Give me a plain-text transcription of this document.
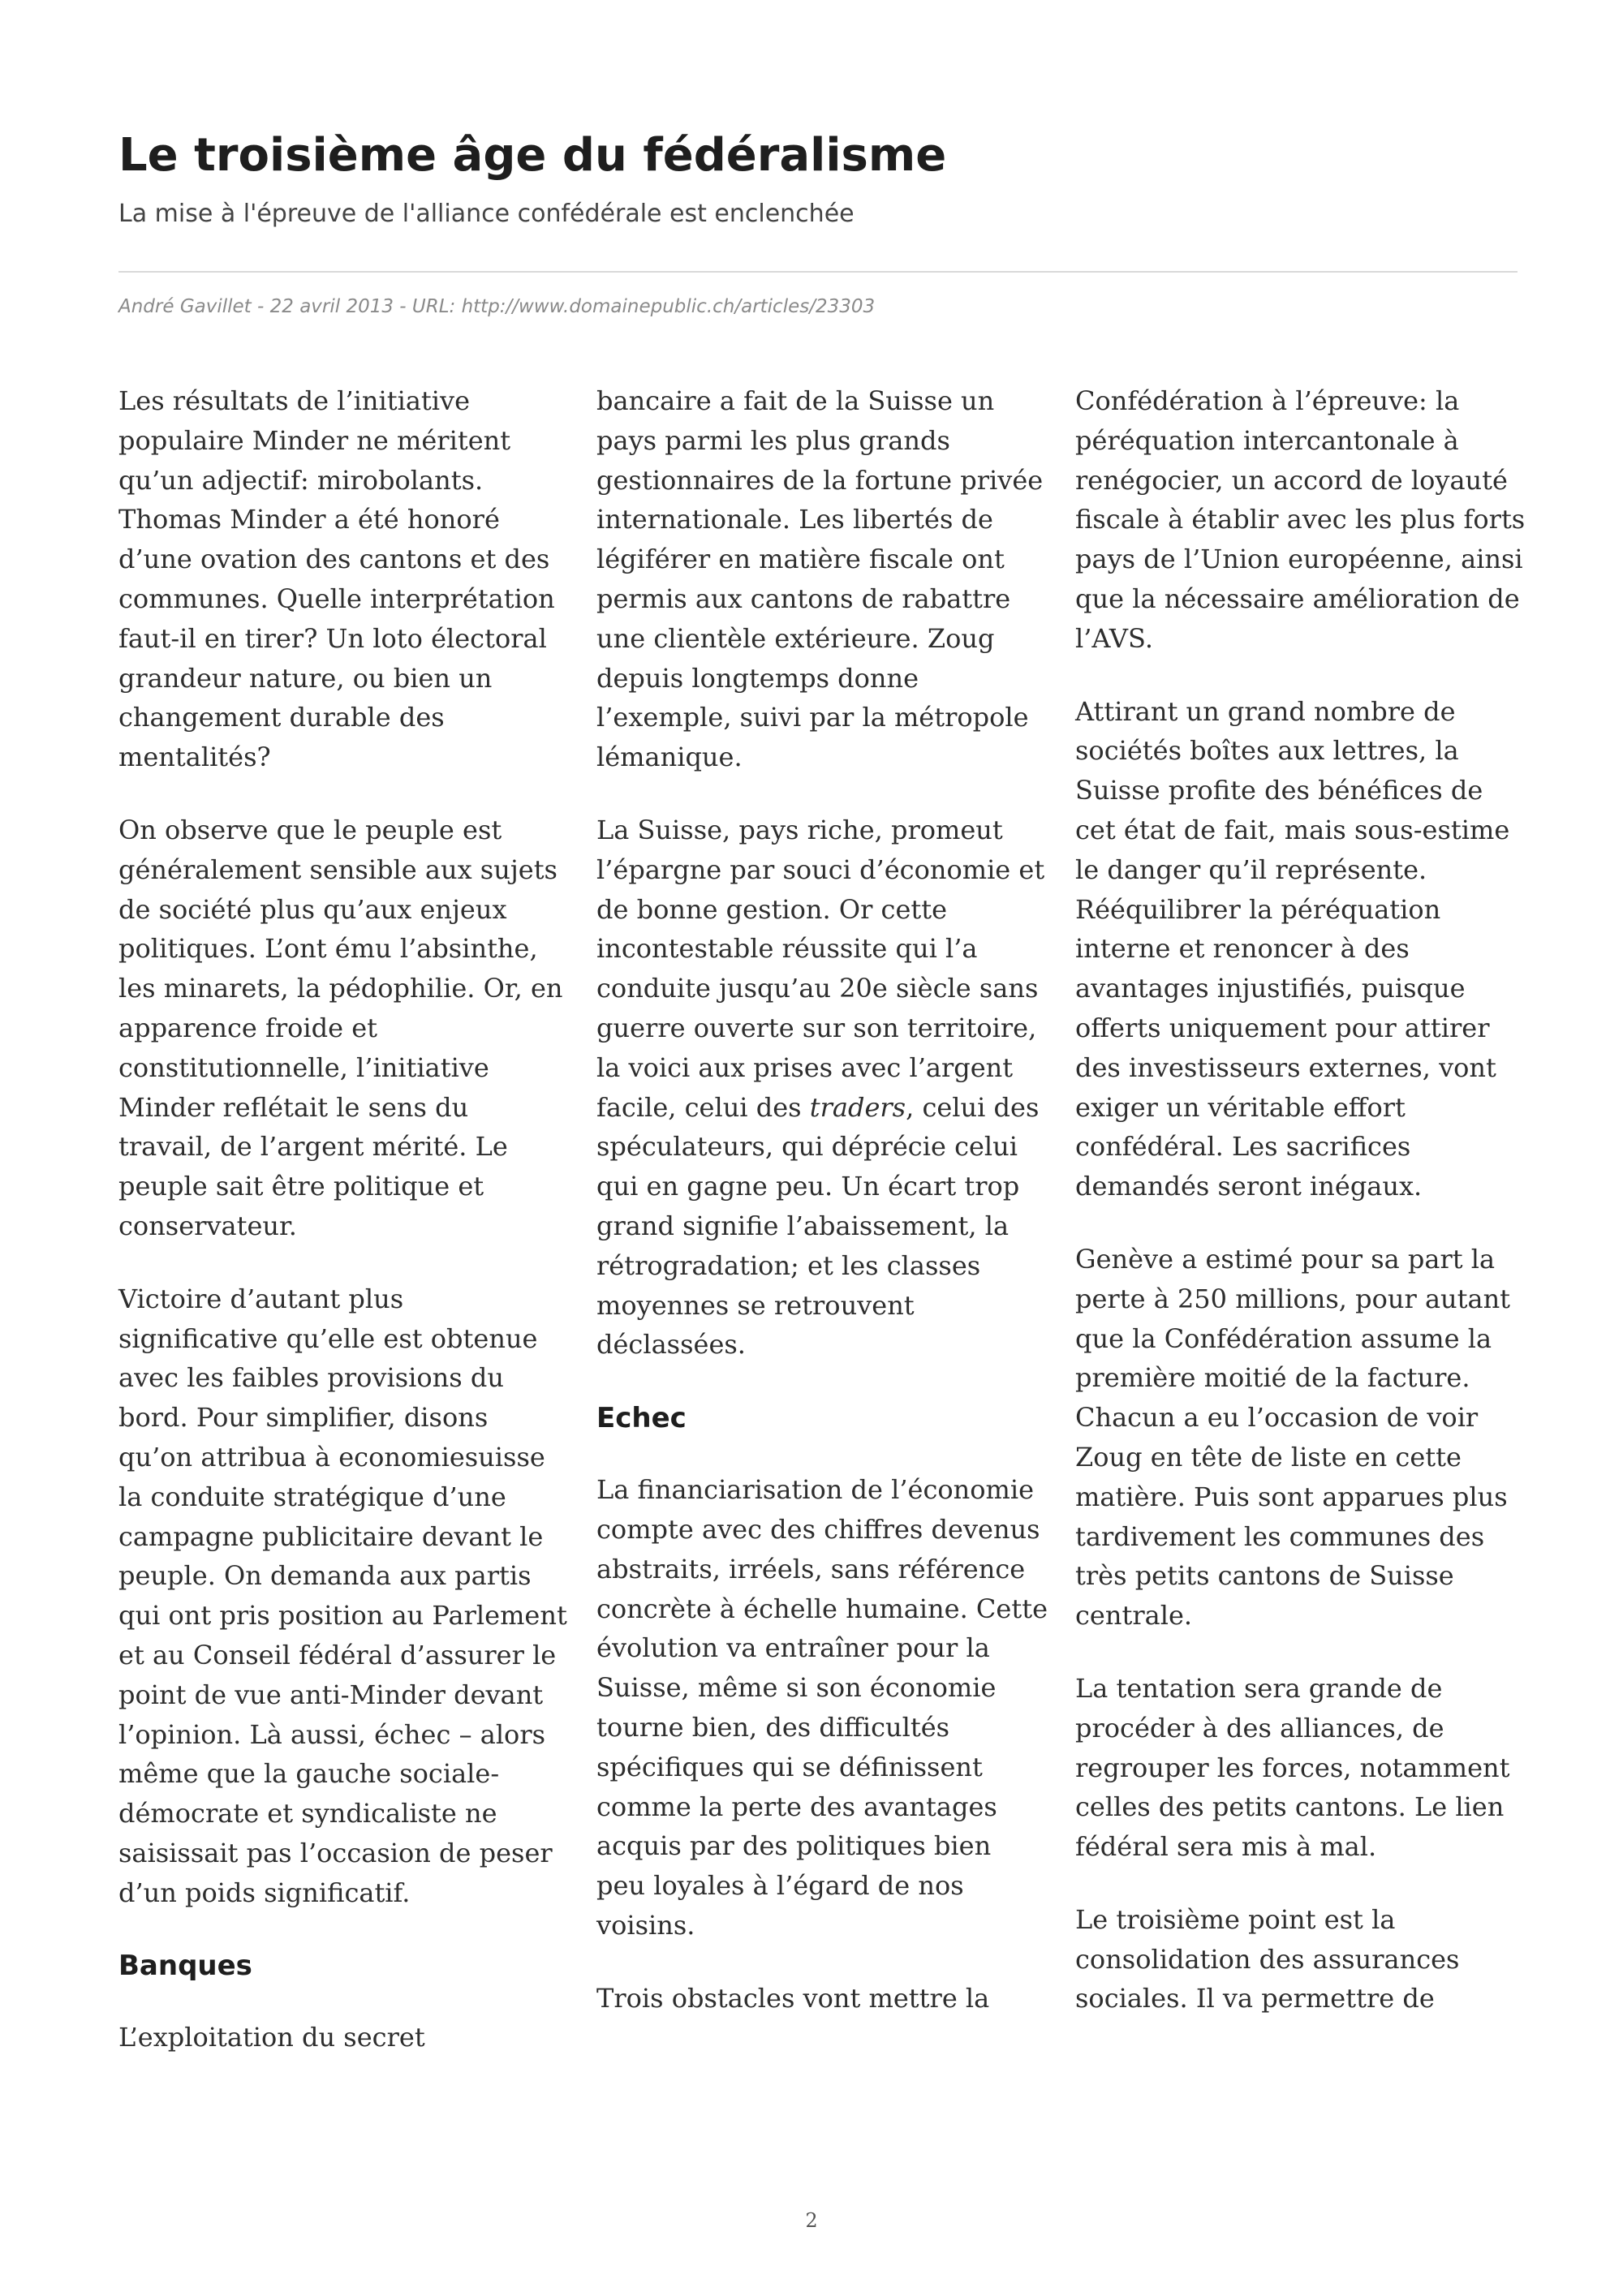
Le troisième âge du fédéralisme

La mise à l'épreuve de l'alliance confédérale est enclenchée

André Gavillet - 22 avril 2013 - URL: http://www.domainepublic.ch/articles/23303

Les résultats de l’initiative populaire Minder ne méritent qu’un adjectif: mirobolants. Thomas Minder a été honoré d’une ovation des cantons et des communes. Quelle interprétation faut-il en tirer? Un loto électoral grandeur nature, ou bien un changement durable des mentalités?

On observe que le peuple est généralement sensible aux sujets de société plus qu’aux enjeux politiques. L’ont ému l’absinthe, les minarets, la pédophilie. Or, en apparence froide et constitutionnelle, l’initiative Minder reflétait le sens du travail, de l’argent mérité. Le peuple sait être politique et conservateur.

Victoire d’autant plus significative qu’elle est obtenue avec les faibles provisions du bord. Pour simplifier, disons qu’on attribua à economiesuisse la conduite stratégique d’une campagne publicitaire devant le peuple. On demanda aux partis qui ont pris position au Parlement et au Conseil fédéral d’assurer le point de vue anti-Minder devant l’opinion. Là aussi, échec – alors même que la gauche sociale-démocrate et syndicaliste ne saisissait pas l’occasion de peser d’un poids significatif.

Banques

L’exploitation du secret

bancaire a fait de la Suisse un pays parmi les plus grands gestionnaires de la fortune privée internationale. Les libertés de légiférer en matière fiscale ont permis aux cantons de rabattre une clientèle extérieure. Zoug depuis longtemps donne l’exemple, suivi par la métropole lémanique.

La Suisse, pays riche, promeut l’épargne par souci d’économie et de bonne gestion. Or cette incontestable réussite qui l’a conduite jusqu’au 20e siècle sans guerre ouverte sur son territoire, la voici aux prises avec l’argent facile, celui des traders, celui des spéculateurs, qui déprécie celui qui en gagne peu. Un écart trop grand signifie l’abaissement, la rétrogradation; et les classes moyennes se retrouvent déclassées.

Echec

La financiarisation de l’économie compte avec des chiffres devenus abstraits, irréels, sans référence concrète à échelle humaine. Cette évolution va entraîner pour la Suisse, même si son économie tourne bien, des difficultés spécifiques qui se définissent comme la perte des avantages acquis par des politiques bien peu loyales à l’égard de nos voisins.

Trois obstacles vont mettre la

Confédération à l’épreuve: la péréquation intercantonale à renégocier, un accord de loyauté fiscale à établir avec les plus forts pays de l’Union européenne, ainsi que la nécessaire amélioration de l’AVS.

Attirant un grand nombre de sociétés boîtes aux lettres, la Suisse profite des bénéfices de cet état de fait, mais sous-estime le danger qu’il représente. Rééquilibrer la péréquation interne et renoncer à des avantages injustifiés, puisque offerts uniquement pour attirer des investisseurs externes, vont exiger un véritable effort confédéral. Les sacrifices demandés seront inégaux.

Genève a estimé pour sa part la perte à 250 millions, pour autant que la Confédération assume la première moitié de la facture. Chacun a eu l’occasion de voir Zoug en tête de liste en cette matière. Puis sont apparues plus tardivement les communes des très petits cantons de Suisse centrale.

La tentation sera grande de procéder à des alliances, de regrouper les forces, notamment celles des petits cantons. Le lien fédéral sera mis à mal.

Le troisième point est la consolidation des assurances sociales. Il va permettre de

2
